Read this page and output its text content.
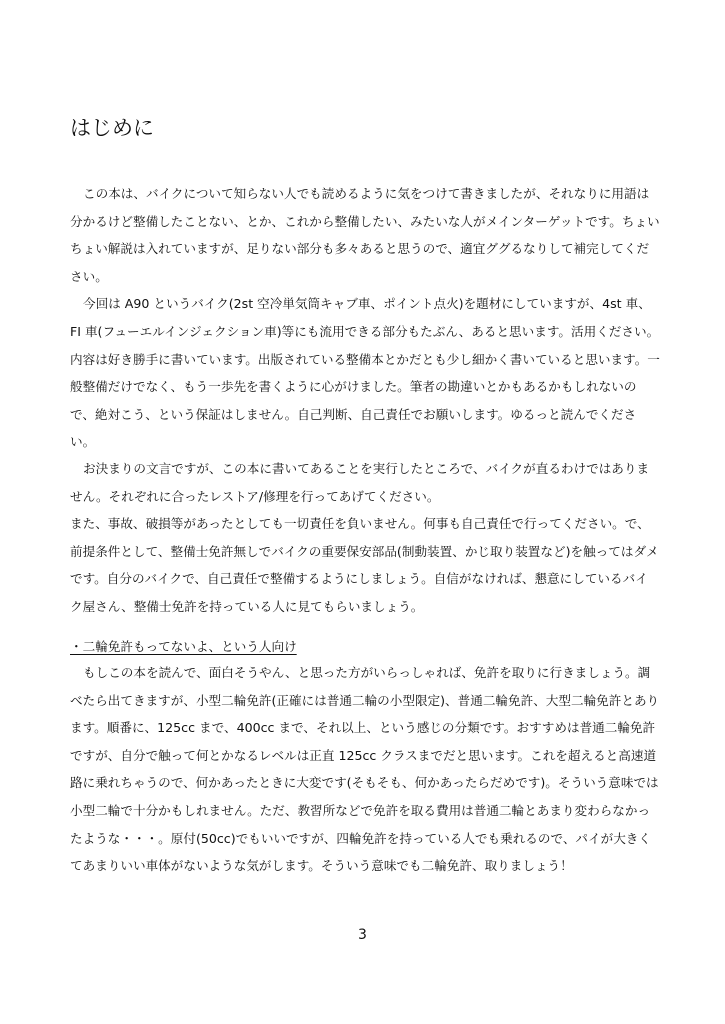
はじめに

この本は、バイクについて知らない人でも読めるように気をつけて書きましたが、それなりに用語は分かるけど整備したことない、とか、これから整備したい、みたいな人がメインターゲットです。ちょいちょい解説は入れていますが、足りない部分も多々あると思うので、適宜ググるなりして補完してください。

今回は A90 というバイク(2st 空冷単気筒キャブ車、ポイント点火)を題材にしていますが、4st 車、FI 車(フューエルインジェクション車)等にも流用できる部分もたぶん、あると思います。活用ください。内容は好き勝手に書いています。出版されている整備本とかだとも少し細かく書いていると思います。一般整備だけでなく、もう一歩先を書くように心がけました。筆者の勘違いとかもあるかもしれないので、絶対こう、という保証はしません。自己判断、自己責任でお願いします。ゆるっと読んでください。

お決まりの文言ですが、この本に書いてあることを実行したところで、バイクが直るわけではありません。それぞれに合ったレストア/修理を行ってあげてください。

また、事故、破損等があったとしても一切責任を負いません。何事も自己責任で行ってください。で、前提条件として、整備士免許無しでバイクの重要保安部品(制動装置、かじ取り装置など)を触ってはダメです。自分のバイクで、自己責任で整備するようにしましょう。自信がなければ、懇意にしているバイク屋さん、整備士免許を持っている人に見てもらいましょう。

・二輪免許もってないよ、という人向け

もしこの本を読んで、面白そうやん、と思った方がいらっしゃれば、免許を取りに行きましょう。調べたら出てきますが、小型二輪免許(正確には普通二輪の小型限定)、普通二輪免許、大型二輪免許とあります。順番に、125cc まで、400cc まで、それ以上、という感じの分類です。おすすめは普通二輪免許ですが、自分で触って何とかなるレベルは正直 125cc クラスまでだと思います。これを超えると高速道路に乗れちゃうので、何かあったときに大変です(そもそも、何かあったらだめです)。そういう意味では小型二輪で十分かもしれません。ただ、教習所などで免許を取る費用は普通二輪とあまり変わらなかったような・・・。原付(50cc)でもいいですが、四輪免許を持っている人でも乗れるので、パイが大きくてあまりいい車体がないような気がします。そういう意味でも二輪免許、取りましょう！

3
